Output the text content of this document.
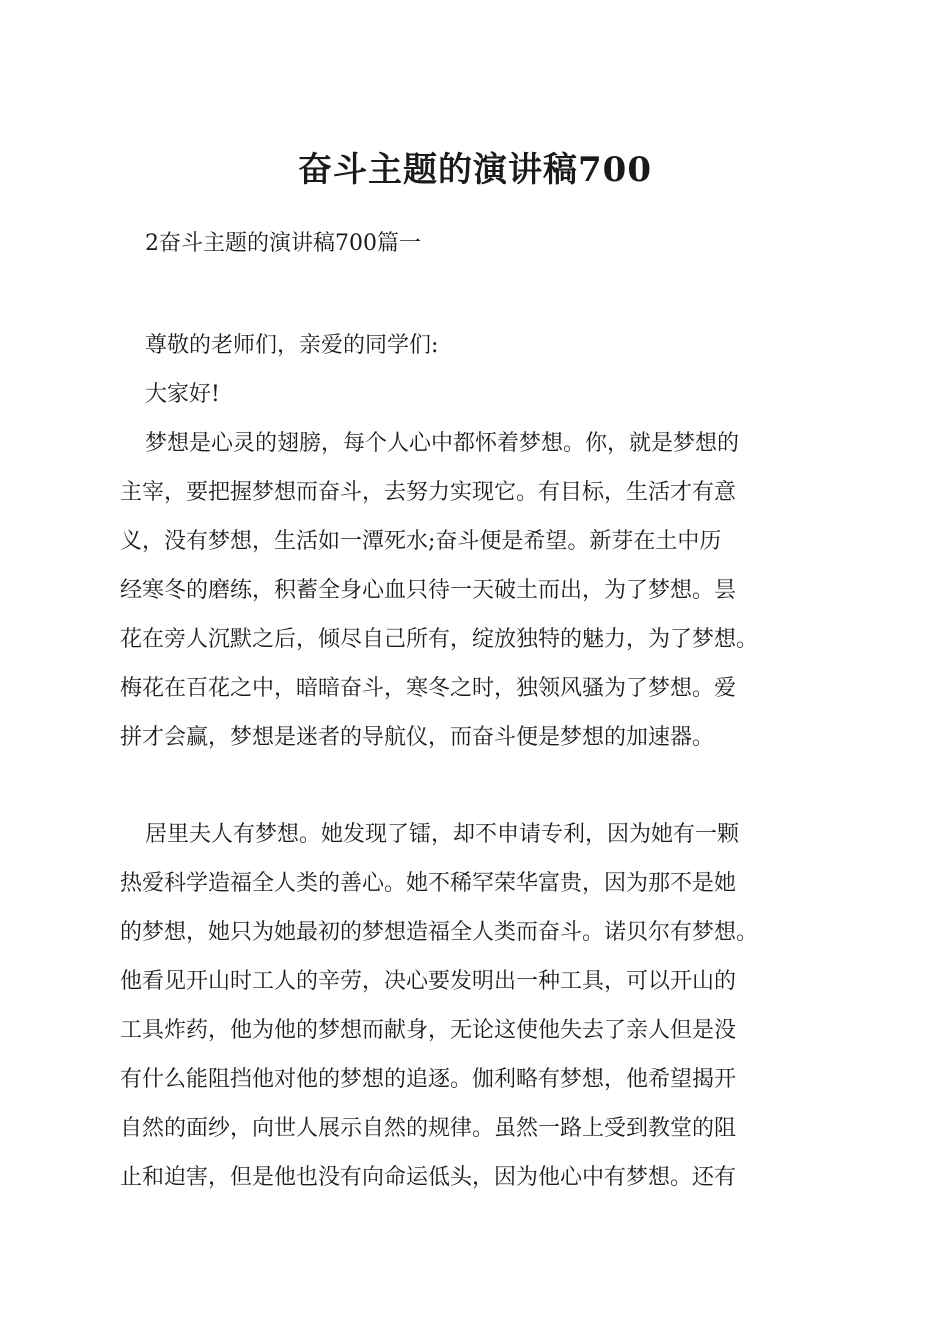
奋斗主题的演讲稿700

2奋斗主题的演讲稿700篇一

尊敬的老师们，亲爱的同学们:

大家好!

梦想是心灵的翅膀，每个人心中都怀着梦想。你，就是梦想的
主宰，要把握梦想而奋斗，去努力实现它。有目标，生活才有意
义，没有梦想，生活如一潭死水;奋斗便是希望。新芽在土中历
经寒冬的磨练，积蓄全身心血只待一天破土而出，为了梦想。昙
花在旁人沉默之后，倾尽自己所有，绽放独特的魅力，为了梦想。
梅花在百花之中，暗暗奋斗，寒冬之时，独领风骚为了梦想。爱
拼才会赢，梦想是迷者的导航仪，而奋斗便是梦想的加速器。

居里夫人有梦想。她发现了镭，却不申请专利，因为她有一颗
热爱科学造福全人类的善心。她不稀罕荣华富贵，因为那不是她
的梦想，她只为她最初的梦想造福全人类而奋斗。诺贝尔有梦想。
他看见开山时工人的辛劳，决心要发明出一种工具，可以开山的
工具炸药，他为他的梦想而献身，无论这使他失去了亲人但是没
有什么能阻挡他对他的梦想的追逐。伽利略有梦想，他希望揭开
自然的面纱，向世人展示自然的规律。虽然一路上受到教堂的阻
止和迫害，但是他也没有向命运低头，因为他心中有梦想。还有
